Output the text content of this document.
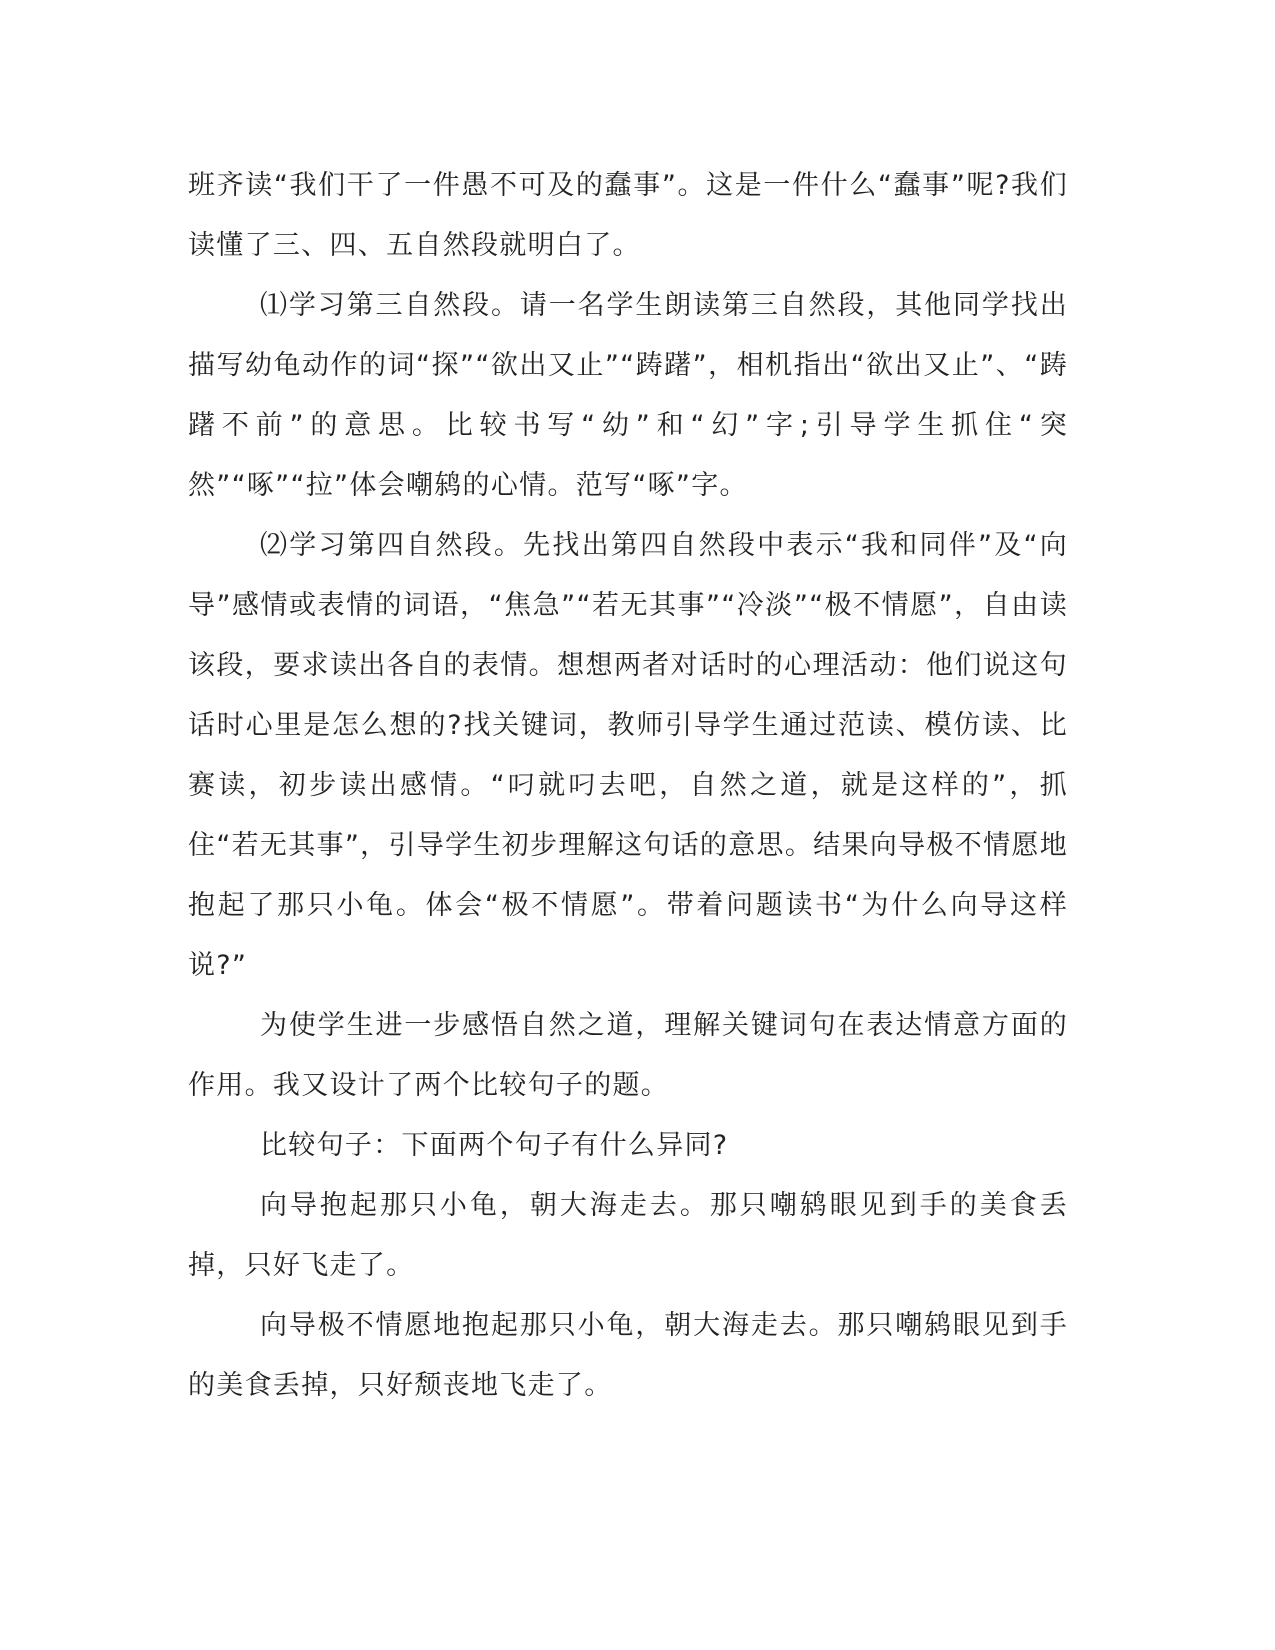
班齐读“我们干了一件愚不可及的蠢事”。这是一件什么“蠢事”呢?我们读懂了三、四、五自然段就明白了。

⑴学习第三自然段。请一名学生朗读第三自然段，其他同学找出描写幼龟动作的词“探”“欲出又止”“踌躇”，相机指出“欲出又止”、“踌躇不前”的意思。比较书写“幼”和“幻”字;引导学生抓住“突然”“啄”“拉”体会嘲鸫的心情。范写“啄”字。

⑵学习第四自然段。先找出第四自然段中表示“我和同伴”及“向导”感情或表情的词语，“焦急”“若无其事”“冷淡”“极不情愿”，自由读该段，要求读出各自的表情。想想两者对话时的心理活动：他们说这句话时心里是怎么想的?找关键词，教师引导学生通过范读、模仿读、比赛读，初步读出感情。“叼就叼去吧，自然之道，就是这样的”，抓住“若无其事”，引导学生初步理解这句话的意思。结果向导极不情愿地抱起了那只小龟。体会“极不情愿”。带着问题读书“为什么向导这样说?”

为使学生进一步感悟自然之道，理解关键词句在表达情意方面的作用。我又设计了两个比较句子的题。

比较句子：下面两个句子有什么异同?

向导抱起那只小龟，朝大海走去。那只嘲鸫眼见到手的美食丢掉，只好飞走了。

向导极不情愿地抱起那只小龟，朝大海走去。那只嘲鸫眼见到手的美食丢掉，只好颓丧地飞走了。
